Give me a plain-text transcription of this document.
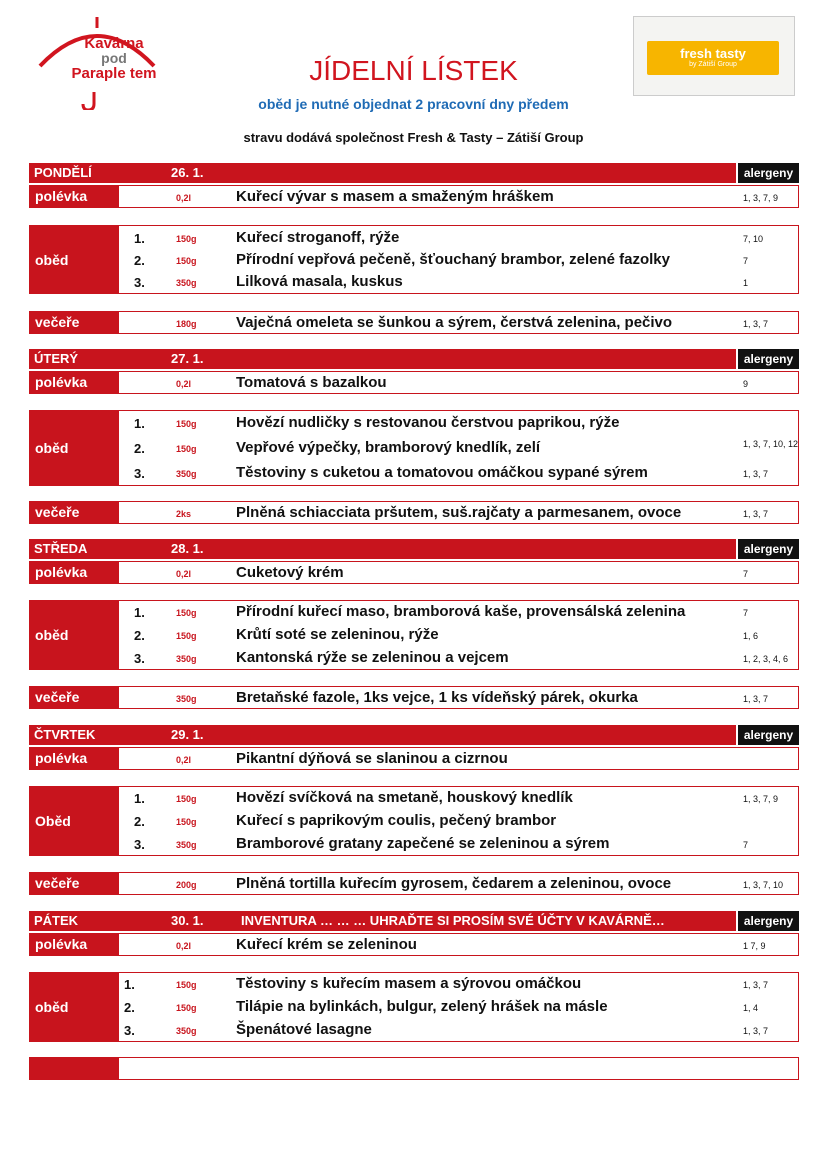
Kavárna
pod
Paraple tem
fresh tasty
by Zátiší Group
JÍDELNÍ LÍSTEK
oběd je nutné objednat 2 pracovní dny předem
stravu dodává společnost Fresh & Tasty – Zátiší Group
PONDĚLÍ	26. 1.	alergeny
polévka	0,2l	Kuřecí vývar s masem a smaženým hráškem	1, 3, 7, 9
oběd
1.	150g	Kuřecí stroganoff, rýže	7, 10
2.	150g	Přírodní vepřová pečeně, šťouchaný brambor, zelené fazolky	7
3.	350g	Lilková masala, kuskus	1
večeře	180g	Vaječná omeleta se šunkou a sýrem, čerstvá zelenina, pečivo	1, 3, 7
ÚTERÝ	27. 1.	alergeny
polévka	0,2l	Tomatová s bazalkou	9
oběd
1.	150g	Hovězí nudličky s restovanou čerstvou paprikou, rýže
2.	150g	Vepřové výpečky, bramborový knedlík, zelí	1, 3, 7, 10, 12
3.	350g	Těstoviny s cuketou a tomatovou omáčkou sypané sýrem	1, 3, 7
večeře	2ks	Plněná schiacciata pršutem, suš.rajčaty a parmesanem, ovoce	1, 3, 7
STŘEDA	28. 1.	alergeny
polévka	0,2l	Cuketový krém	7
oběd
1.	150g	Přírodní kuřecí maso, bramborová kaše, provensálská zelenina	7
2.	150g	Krůtí soté se zeleninou, rýže	1, 6
3.	350g	Kantonská rýže se zeleninou a vejcem	1, 2, 3, 4, 6
večeře	350g	Bretaňské fazole, 1ks vejce, 1 ks vídeňský párek, okurka	1, 3, 7
ČTVRTEK	29. 1.	alergeny
polévka	0,2l	Pikantní dýňová se slaninou a cizrnou
Oběd
1.	150g	Hovězí svíčková na smetaně, houskový knedlík	1, 3, 7, 9
2.	150g	Kuřecí s paprikovým coulis, pečený brambor
3.	350g	Bramborové gratany zapečené se zeleninou a sýrem	7
večeře	200g	Plněná tortilla kuřecím gyrosem, čedarem a zeleninou, ovoce	1, 3, 7, 10
PÁTEK	30. 1.	INVENTURA … … … UHRAĎTE SI PROSÍM SVÉ ÚČTY V KAVÁRNĚ…	alergeny
polévka	0,2l	Kuřecí krém se zeleninou	1 7, 9
oběd
1.	150g	Těstoviny s kuřecím masem a sýrovou omáčkou	1, 3, 7
2.	150g	Tilápie na bylinkách, bulgur, zelený hrášek na másle	1, 4
3.	350g	Špenátové lasagne	1, 3, 7
